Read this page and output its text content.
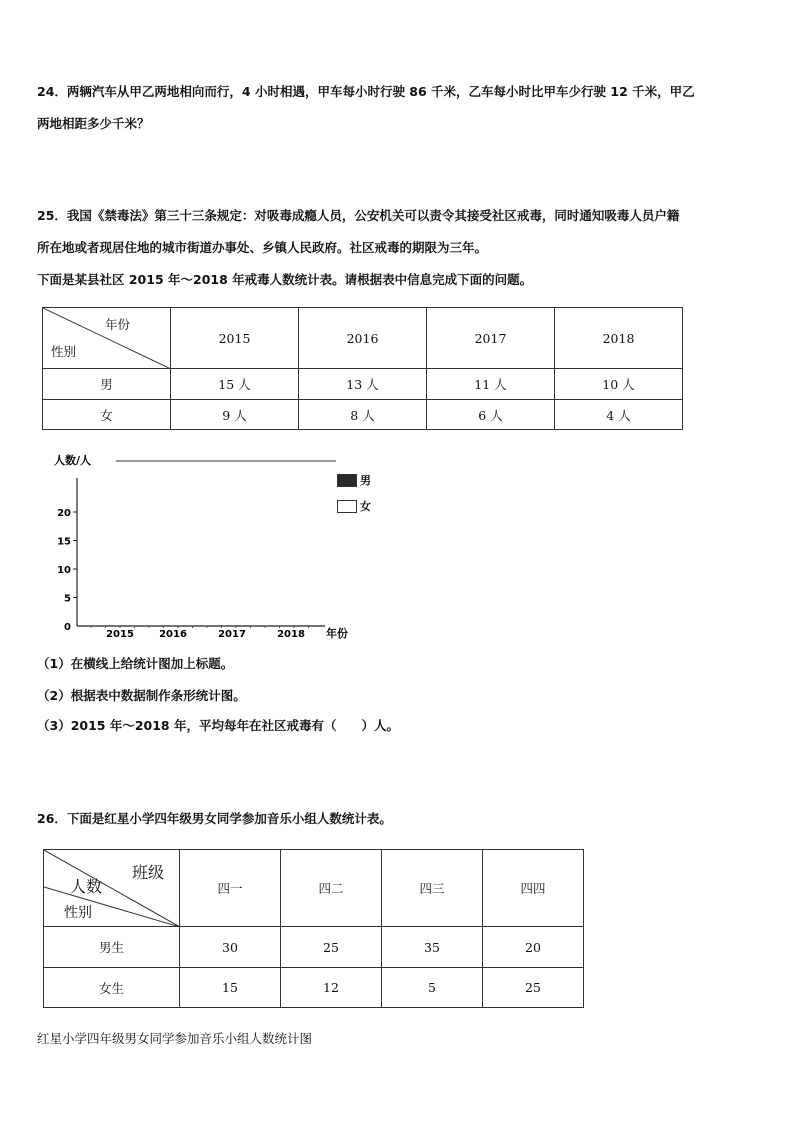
24．两辆汽车从甲乙两地相向而行，4 小时相遇，甲车每小时行驶 86 千米，乙车每小时比甲车少行驶 12 千米，甲乙
两地相距多少千米？
25．我国《禁毒法》第三十三条规定：对吸毒成瘾人员，公安机关可以责令其接受社区戒毒，同时通知吸毒人员户籍
所在地或者现居住地的城市街道办事处、乡镇人民政府。社区戒毒的期限为三年。
下面是某县社区 2015 年～2018 年戒毒人数统计表。请根据表中信息完成下面的问题。
年份
性别	2015	2016	2017	2018
男	15 人	13 人	11 人	10 人
女	9 人	8 人	6 人	4 人
0
5
10
15
20
2015	2016	2017	2018
人数/人
年份
男
女
（1）在横线上给统计图加上标题。
（2）根据表中数据制作条形统计图。
（3）2015 年～2018 年，平均每年在社区戒毒有（　　）人。
26．下面是红星小学四年级男女同学参加音乐小组人数统计表。
班级
人数
性别	四一	四二	四三	四四
男生	30	25	35	20
女生	15	12	5	25
红星小学四年级男女同学参加音乐小组人数统计图
